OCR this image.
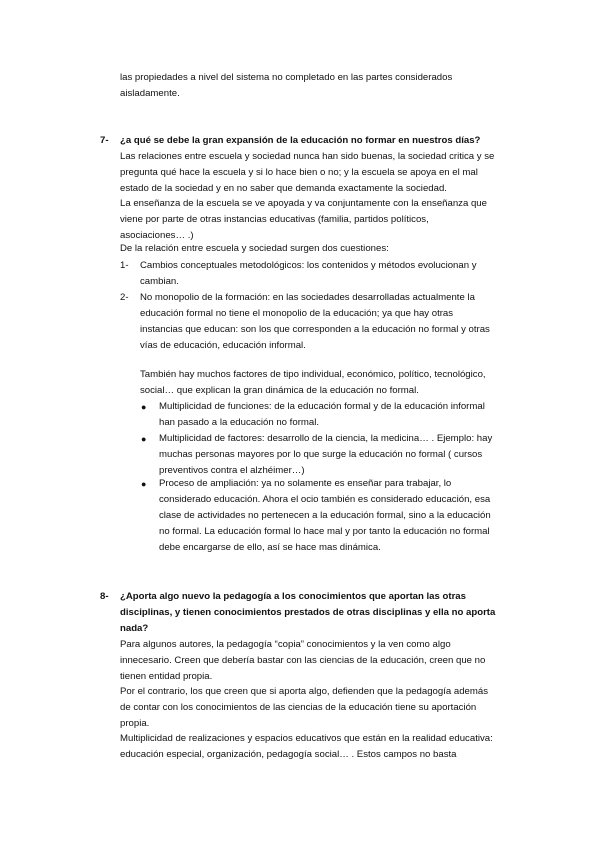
las propiedades a nivel del sistema no completado en las partes considerados

aisladamente.

7-	¿a qué se debe la gran expansión de la educación no formar en nuestros días?

Las relaciones entre escuela y sociedad nunca han sido buenas, la sociedad critica y se

pregunta qué hace la escuela y si lo hace bien o no; y la escuela se apoya en el mal

estado de la sociedad y en no saber que demanda exactamente la sociedad.

La enseñanza de la escuela se ve apoyada y va conjuntamente con la enseñanza que

viene por parte de otras instancias educativas (familia, partidos políticos,

asociaciones… .)

De la relación entre escuela y sociedad surgen dos cuestiones:
1-	Cambios conceptuales metodológicos: los contenidos y métodos evolucionan y

cambian.

2-	No monopolio de la formación: en las sociedades desarrolladas actualmente la

educación formal no tiene el monopolio de la educación; ya que hay otras

instancias que educan: son los que corresponden a la educación no formal y otras

vías de educación, educación informal.

También hay muchos factores de tipo individual, económico, político, tecnológico,

social… que explican la gran dinámica de la educación no formal.

●	Multiplicidad de funciones: de la educación formal y de la educación informal

han pasado a la educación no formal.

●	Multiplicidad de factores: desarrollo de la ciencia, la medicina… . Ejemplo: hay

muchas personas mayores por lo que surge la educación no formal ( cursos

preventivos contra el alzhéimer…)

●	Proceso de ampliación: ya no solamente es enseñar para trabajar, lo

considerado educación. Ahora el ocio también es considerado educación, esa

clase de actividades no pertenecen a la educación formal, sino a la educación

no formal. La educación formal lo hace mal y por tanto la educación no formal

debe encargarse de ello, así se hace mas dinámica.

8-	¿Aporta algo nuevo la pedagogía a los conocimientos que aportan las otras

disciplinas, y tienen conocimientos prestados de otras disciplinas y ella no aporta

nada?

Para algunos autores, la pedagogía “copia” conocimientos y la ven como algo

innecesario. Creen que debería bastar con las ciencias de la educación, creen que no

tienen entidad propia.

Por el contrario, los que creen que si aporta algo, defienden que la pedagogía además

de contar con los conocimientos de las ciencias de la educación tiene su aportación

propia.

Multiplicidad de realizaciones y espacios educativos que están en la realidad educativa:

educación especial, organización, pedagogía social… . Estos campos no basta
